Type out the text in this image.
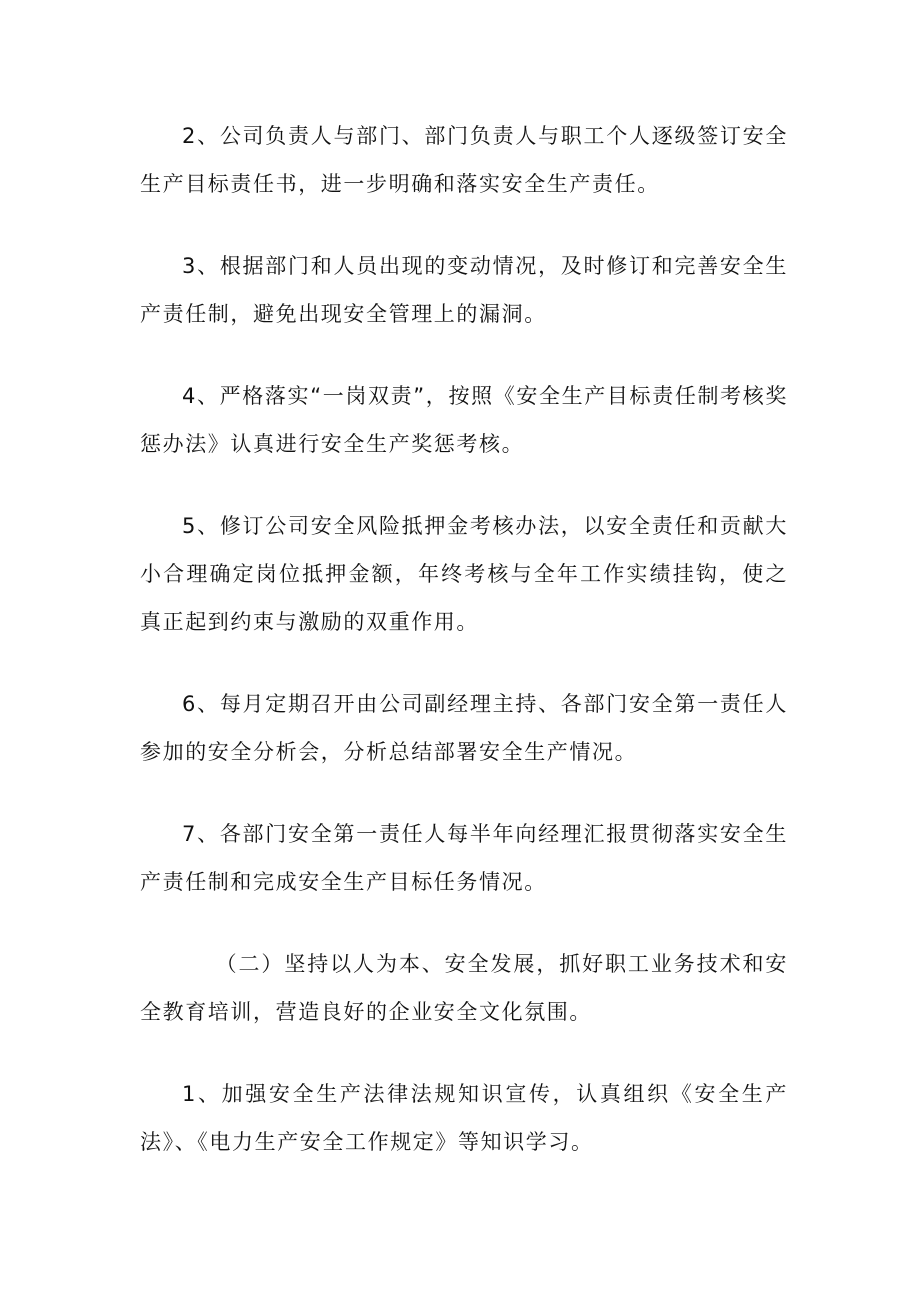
2、公司负责人与部门、部门负责人与职工个人逐级签订安全生产目标责任书，进一步明确和落实安全生产责任。

3、根据部门和人员出现的变动情况，及时修订和完善安全生产责任制，避免出现安全管理上的漏洞。

4、严格落实“一岗双责”，按照《安全生产目标责任制考核奖惩办法》认真进行安全生产奖惩考核。

5、修订公司安全风险抵押金考核办法，以安全责任和贡献大小合理确定岗位抵押金额，年终考核与全年工作实绩挂钩，使之真正起到约束与激励的双重作用。

6、每月定期召开由公司副经理主持、各部门安全第一责任人参加的安全分析会，分析总结部署安全生产情况。

7、各部门安全第一责任人每半年向经理汇报贯彻落实安全生产责任制和完成安全生产目标任务情况。

（二）坚持以人为本、安全发展，抓好职工业务技术和安全教育培训，营造良好的企业安全文化氛围。

1、加强安全生产法律法规知识宣传，认真组织《安全生产法》、《电力生产安全工作规定》等知识学习。
